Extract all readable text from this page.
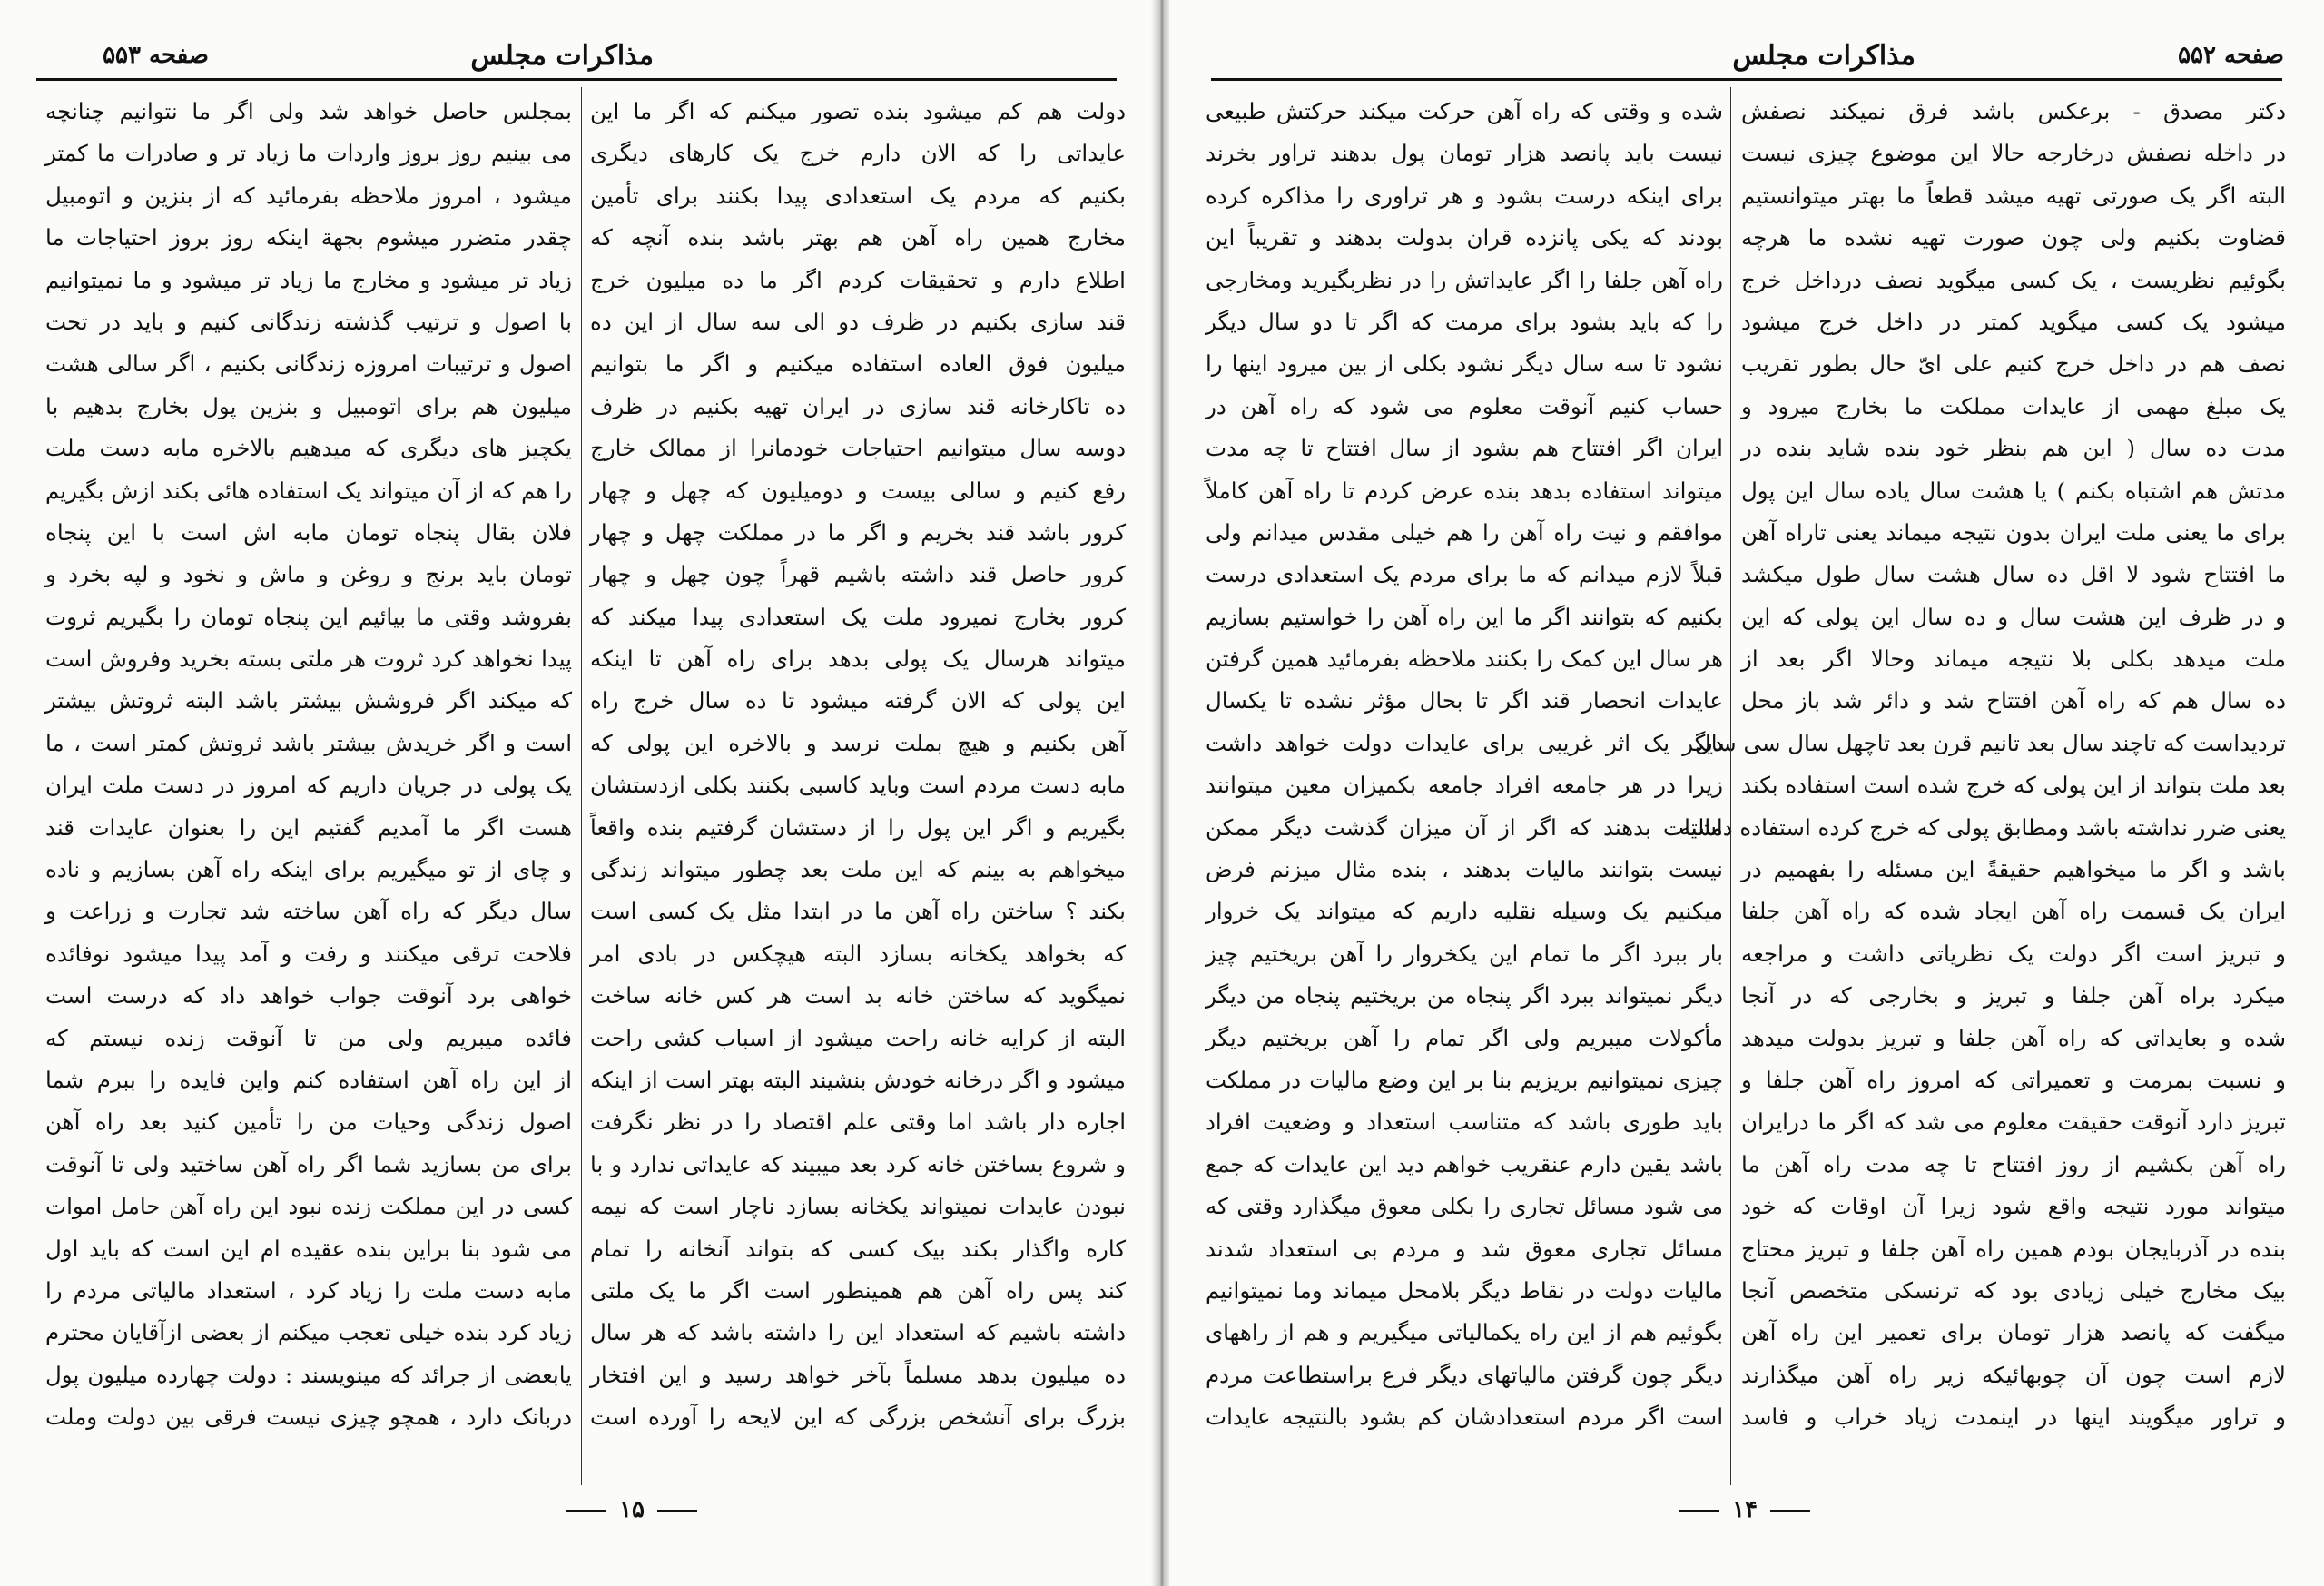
مذاکرات مجلس
صفحه ۵۵۳
دولت هم کم میشود بنده تصور میکنم که اگر ما این
عایداتی را که الان دارم خرج یک کارهای دیگری
بکنیم که مردم یک استعدادی پیدا بکنند برای تأمین
مخارج همین راه آهن هم بهتر باشد بنده آنچه که
اطلاع دارم و تحقیقات کردم اگر ما ده میلیون خرج
قند سازی بکنیم در ظرف دو الی سه سال از این ده
میلیون فوق العاده استفاده میکنیم و اگر ما بتوانیم
ده تاکارخانه قند سازی در ایران تهیه بکنیم در ظرف
دوسه سال میتوانیم احتیاجات خودمانرا از ممالک خارج
رفع کنیم و سالی بیست و دومیلیون که چهل و چهار
کرور باشد قند بخریم و اگر ما در مملکت چهل و چهار
کرور حاصل قند داشته باشیم قهراً چون چهل و چهار
کرور بخارج نمیرود ملت یک استعدادی پیدا میکند که
میتواند هرسال یک پولی بدهد برای راه آهن تا اینکه
این پولی که الان گرفته میشود تا ده سال خرج راه
آهن بکنیم و هیچ بملت نرسد و بالاخره این پولی که
مابه دست مردم است وباید کاسبی بکنند بکلی ازدستشان
بگیریم و اگر این پول را از دستشان گرفتیم بنده واقعاً
میخواهم به بینم که این ملت بعد چطور میتواند زندگی
بکند ؟ ساختن راه آهن ما در ابتدا مثل یک کسی است
که بخواهد یکخانه بسازد البته هیچکس در بادی امر
نمیگوید که ساختن خانه بد است هر کس خانه ساخت
البته از کرایه خانه راحت میشود از اسباب کشی راحت
میشود و اگر درخانه خودش بنشیند البته بهتر است از اینکه
اجاره دار باشد اما وقتی علم اقتصاد را در نظر نگرفت
و شروع بساختن خانه کرد بعد میبیند که عایداتی ندارد و با
نبودن عایدات نمیتواند یکخانه بسازد ناچار است که نیمه
کاره واگذار بکند بیک کسی که بتواند آنخانه را تمام
کند پس راه آهن هم همینطور است اگر ما یک ملتی
داشته باشیم که استعداد این را داشته باشد که هر سال
ده میلیون بدهد مسلماً بآخر خواهد رسید و این افتخار
بزرگ برای آنشخص بزرگی که این لایحه را آورده است
بمجلس حاصل خواهد شد ولی اگر ما نتوانیم چنانچه
می بینیم روز بروز واردات ما زیاد تر و صادرات ما کمتر
میشود ، امروز ملاحظه بفرمائید که از بنزین و اتومبیل
چقدر متضرر میشوم بجهة اینکه روز بروز احتیاجات ما
زیاد تر میشود و مخارج ما زیاد تر میشود و ما نمیتوانیم
با اصول و ترتیب گذشته زندگانی کنیم و باید در تحت
اصول و ترتیبات امروزه زندگانی بکنیم ، اگر سالی هشت
میلیون هم برای اتومبیل و بنزین پول بخارج بدهیم با
یکچیز های دیگری که میدهیم بالاخره مابه دست ملت
را هم که از آن میتواند یک استفاده هائی بکند ازش بگیریم
فلان بقال پنجاه تومان مابه اش است با این پنجاه
تومان باید برنج و روغن و ماش و نخود و لپه بخرد و
بفروشد وقتی ما بیائیم این پنجاه تومان را بگیریم ثروت
پیدا نخواهد کرد ثروت هر ملتی بسته بخرید وفروش است
که میکند اگر فروشش بیشتر باشد البته ثروتش بیشتر
است و اگر خریدش بیشتر باشد ثروتش کمتر است ، ما
یک پولی در جریان داریم که امروز در دست ملت ایران
هست اگر ما آمدیم گفتیم این را بعنوان عایدات قند
و چای از تو میگیریم برای اینکه راه آهن بسازیم و ناده
سال دیگر که راه آهن ساخته شد تجارت و زراعت و
فلاحت ترقی میکنند و رفت و آمد پیدا میشود نوفائده
خواهی برد آنوقت جواب خواهد داد که درست است
فائده میبریم ولی من تا آنوقت زنده نیستم که
از این راه آهن استفاده کنم واین فایده را ببرم شما
اصول زندگی وحیات من را تأمین کنید بعد راه آهن
برای من بسازید شما اگر راه آهن ساختید ولی تا آنوقت
کسی در این مملکت زنده نبود این راه آهن حامل اموات
می شود بنا براین بنده عقیده ام این است که باید اول
مابه دست ملت را زیاد کرد ، استعداد مالیاتی مردم را
زیاد کرد بنده خیلی تعجب میکنم از بعضی ازآقایان محترم
یابعضی از جرائد که مینویسند : دولت چهارده میلیون پول
دربانک دارد ، همچو چیزی نیست فرقی بین دولت وملت
۱۵
مذاکرات مجلس	صفحه ۵۵۲
دکتر مصدق - برعکس باشد فرق نمیکند نصفش
در داخله نصفش درخارجه حالا این موضوع چیزی نیست
البته اگر یک صورتی تهیه میشد قطعاً ما بهتر میتوانستیم
قضاوت بکنیم ولی چون صورت تهیه نشده ما هرچه
بگوئیم نظریست ، یک کسی میگوید نصف درداخل خرج
میشود یک کسی میگوید کمتر در داخل خرج میشود
نصف هم در داخل خرج کنیم علی ایّ حال بطور تقریب
یک مبلغ مهمی از عایدات مملکت ما بخارج میرود و
مدت ده سال ( این هم بنظر خود بنده شاید بنده در
مدتش هم اشتباه بکنم ) یا هشت سال یاده سال این پول
برای ما یعنی ملت ایران بدون نتیجه میماند یعنی تاراه آهن
ما افتتاح شود لا اقل ده سال هشت سال طول میکشد
و در ظرف این هشت سال و ده سال این پولی که این
ملت میدهد بکلی بلا نتیجه میماند وحالا اگر بعد از
ده سال هم که راه آهن افتتاح شد و دائر شد باز محل
تردیداست که تاچند سال بعد تانیم قرن بعد تاچهل سال سی سال
بعد ملت بتواند از این پولی که خرج شده است استفاده بکند
یعنی ضرر نداشته باشد ومطابق پولی که خرج کرده استفاده داشته
باشد و اگر ما میخواهیم حقیقةً این مسئله را بفهمیم در
ایران یک قسمت راه آهن ایجاد شده که راه آهن جلفا
و تبریز است اگر دولت یک نظریاتی داشت و مراجعه
میکرد براه آهن جلفا و تبریز و بخارجی که در آنجا
شده و بعایداتی که راه آهن جلفا و تبریز بدولت میدهد
و نسبت بمرمت و تعمیراتی که امروز راه آهن جلفا و
تبریز دارد آنوقت حقیقت معلوم می شد که اگر ما درایران
راه آهن بکشیم از روز افتتاح تا چه مدت راه آهن ما
میتواند مورد نتیجه واقع شود زیرا آن اوقات که خود
بنده در آذربایجان بودم همین راه آهن جلفا و تبریز محتاج
بیک مخارج خیلی زیادی بود که ترنسکی متخصص آنجا
میگفت که پانصد هزار تومان برای تعمیر این راه آهن
لازم است چون آن چوبهائیکه زیر راه آهن میگذارند
و تراور میگویند اینها در اینمدت زیاد خراب و فاسد
شده و وقتی که راه آهن حرکت میکند حرکتش طبیعی
نیست باید پانصد هزار تومان پول بدهند تراور بخرند
برای اینکه درست بشود و هر تراوری را مذاکره کرده
بودند که یکی پانزده قران بدولت بدهند و تقریباً این
راه آهن جلفا را اگر عایداتش را در نظربگیرید ومخارجی
را که باید بشود برای مرمت که اگر تا دو سال دیگر
نشود تا سه سال دیگر نشود بکلی از بین میرود اینها را
حساب کنیم آنوقت معلوم می شود که راه آهن در
ایران اگر افتتاح هم بشود از سال افتتاح تا چه مدت
میتواند استفاده بدهد بنده عرض کردم تا راه آهن کاملاً
موافقم و نیت راه آهن را هم خیلی مقدس میدانم ولی
قبلاً لازم میدانم که ما برای مردم یک استعدادی درست
بکنیم که بتوانند اگر ما این راه آهن را خواستیم بسازیم
هر سال این کمک را بکنند ملاحظه بفرمائید همین گرفتن
عایدات انحصار قند اگر تا بحال مؤثر نشده تا یکسال
دیگر یک اثر غریبی برای عایدات دولت خواهد داشت
زیرا در هر جامعه افراد جامعه بکمیزان معین میتوانند
مالیات بدهند که اگر از آن میزان گذشت دیگر ممکن
نیست بتوانند مالیات بدهند ، بنده مثال میزنم فرض
میکنیم یک وسیله نقلیه داریم که میتواند یک خروار
بار ببرد اگر ما تمام این یکخروار را آهن بریختیم چیز
دیگر نمیتواند ببرد اگر پنجاه من بریختیم پنجاه من دیگر
مأکولات میبریم ولی اگر تمام را آهن بریختیم دیگر
چیزی نمیتوانیم بریزیم بنا بر این وضع مالیات در مملکت
باید طوری باشد که متناسب استعداد و وضعیت افراد
باشد یقین دارم عنقریب خواهم دید این عایدات که جمع
می شود مسائل تجاری را بکلی معوق میگذارد وقتی که
مسائل تجاری معوق شد و مردم بی استعداد شدند
مالیات دولت در نقاط دیگر بلامحل میماند وما نمیتوانیم
بگوئیم هم از این راه یکمالیاتی میگیریم و هم از راههای
دیگر چون گرفتن مالیاتهای دیگر فرع براستطاعت مردم
است اگر مردم استعدادشان کم بشود بالنتیجه عایدات
۱۴
